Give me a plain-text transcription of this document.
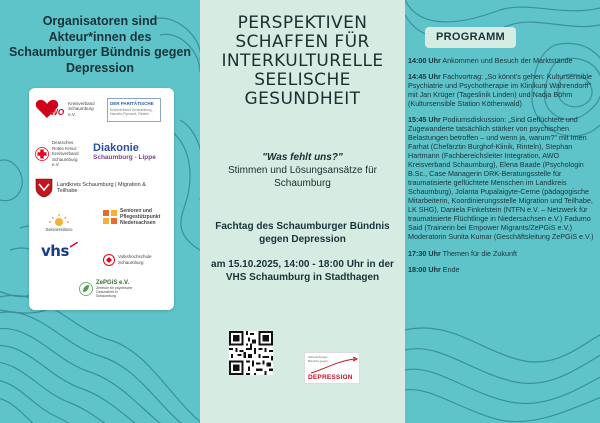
Organisatoren sind Akteur*innen des Schaumburger Bündnis gegen Depression
AWO
Kreisverband Schaumburg e.V.
DER PARITÄTISCHE
Kreisverband Schaumburg, Hameln-Pyrmont, Rinteln
Deutsches Rotes Kreuz Kreisverband Schaumburg e.V.
Diakonie
Schaumburg - Lippe
Landkreis Schaumburg | Migration & Teilhabe
Seniorenbüro
Senioren und Pflegestützpunkt Niedersachsen
vhs	Volkshochschule Schaumburg
ZePGiS e.V.
Zentrum für psychische Gesundheit in Schaumburg
PERSPEKTIVEN
SCHAFFEN FÜR
INTERKULTURELLE
SEELISCHE
GESUNDHEIT
"Was fehlt uns?"
Stimmen und Lösungsansätze für Schaumburg
Fachtag des Schaumburger Bündnis gegen Depression
am 15.10.2025, 14:00 - 18:00 Uhr in der VHS Schaumburg in Stadthagen
Schaumburger Bündnis gegen
DEPRESSION
PROGRAMM
14:00 Uhr Ankommen und Besuch der Marktstände
14:45 Uhr Fachvortrag: „So könnt's gehen: Kultursensible Psychiatrie und Psychotherapie im Klinikum Wahrendorff" mit Jan Krüger (Tageslinik Linden) und Nadja Böhm (Kultursensible Station Köthenwald)
15:45 Uhr Podiumsdiskussion: „Sind Geflüchtete und Zugewanderte tatsächlich stärker von psychischen Belastungen betroffen – und wenn ja, warum?" mit Imen Farhat (Chefärztin Burghof-Klinik, Rinteln), Stephan Hartmann (Fachbereichsleiter Integration, AWO Kreisverband Schaumburg), Elena Baade (Psychologin B.Sc., Case Managerin DRK-Beratungsstelle für traumatisierte geflüchtete Menschen im Landkreis Schaumburg), Jolanta Pupalaigyte-Cerne (pädagogische Mitarbeiterin, Koordinierungsstelle Migration und Teilhabe, LK SHG), Daniela Finkelstein (NTFN e.V. – Netzwerk für traumatisierte Flüchtlinge in Niedersachsen e.V.) Fadumo Said (Trainerin bei Empower Migrants/ZePGiS e.V.) Moderatorin Sunita Kumar (Geschäftsleitung ZePGiS e.V.)
17:30 Uhr Themen für die Zukunft
18:00 Uhr Ende
